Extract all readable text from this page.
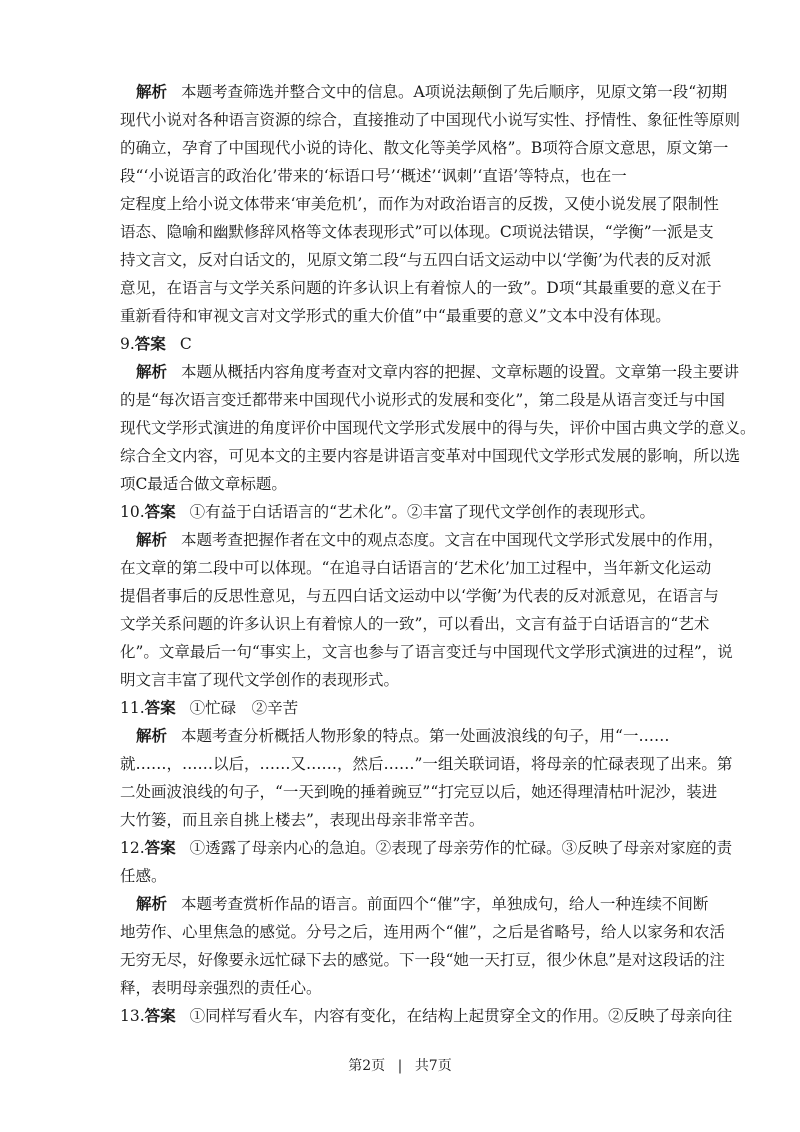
解析 本题考查筛选并整合文中的信息。A项说法颠倒了先后顺序，见原文第一段“初期
现代小说对各种语言资源的综合，直接推动了中国现代小说写实性、抒情性、象征性等原则
的确立，孕育了中国现代小说的诗化、散文化等美学风格”。B项符合原文意思，原文第一
段“‘小说语言的政治化’带来的‘标语口号’‘概述’‘讽刺’‘直语’等特点，也在一
定程度上给小说文体带来‘审美危机’，而作为对政治语言的反拨，又使小说发展了限制性
语态、隐喻和幽默修辞风格等文体表现形式”可以体现。C项说法错误，“学衡”一派是支
持文言文，反对白话文的，见原文第二段“与五四白话文运动中以‘学衡’为代表的反对派
意见，在语言与文学关系问题的许多认识上有着惊人的一致”。D项“其最重要的意义在于
重新看待和审视文言对文学形式的重大价值”中“最重要的意义”文本中没有体现。
9. 答案 C
解析 本题从概括内容角度考查对文章内容的把握、文章标题的设置。文章第一段主要讲
的是“每次语言变迁都带来中国现代小说形式的发展和变化”，第二段是从语言变迁与中国
现代文学形式演进的角度评价中国现代文学形式发展中的得与失，评价中国古典文学的意义。
综合全文内容，可见本文的主要内容是讲语言变革对中国现代文学形式发展的影响，所以选
项C最适合做文章标题。
10. 答案 ①有益于白话语言的“艺术化”。②丰富了现代文学创作的表现形式。
解析 本题考查把握作者在文中的观点态度。文言在中国现代文学形式发展中的作用，
在文章的第二段中可以体现。“在追寻白话语言的‘艺术化’加工过程中，当年新文化运动
提倡者事后的反思性意见，与五四白话文运动中以‘学衡’为代表的反对派意见，在语言与
文学关系问题的许多认识上有着惊人的一致”，可以看出，文言有益于白话语言的“艺术
化”。文章最后一句“事实上，文言也参与了语言变迁与中国现代文学形式演进的过程”，说
明文言丰富了现代文学创作的表现形式。
11. 答案 ①忙碌　②辛苦
解析 本题考查分析概括人物形象的特点。第一处画波浪线的句子，用“一……
就……，……以后，……又……，然后……”一组关联词语，将母亲的忙碌表现了出来。第
二处画波浪线的句子，“一天到晚的捶着豌豆”“打完豆以后，她还得理清枯叶泥沙，装进
大竹篓，而且亲自挑上楼去”，表现出母亲非常辛苦。
12. 答案 ①透露了母亲内心的急迫。②表现了母亲劳作的忙碌。③反映了母亲对家庭的责
任感。
解析 本题考查赏析作品的语言。前面四个“催”字，单独成句，给人一种连续不间断
地劳作、心里焦急的感觉。分号之后，连用两个“催”，之后是省略号，给人以家务和农活
无穷无尽，好像要永远忙碌下去的感觉。下一段“她一天打豆，很少休息”是对这段话的注
释，表明母亲强烈的责任心。
13. 答案 ①同样写看火车，内容有变化，在结构上起贯穿全文的作用。②反映了母亲向往
第2页 | 共7页
